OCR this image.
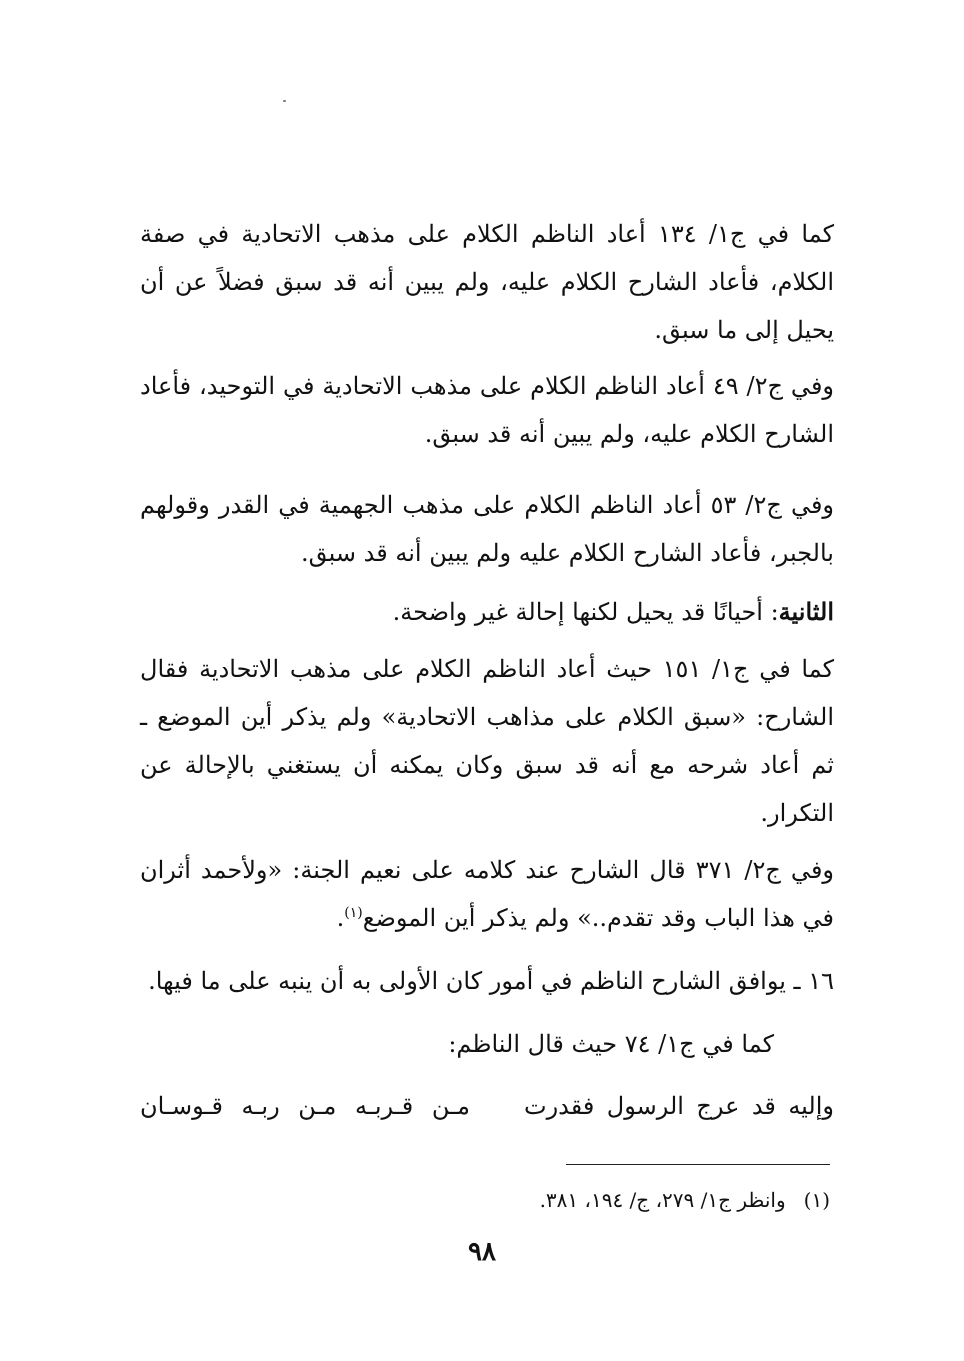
كما في ج١/ ١٣٤ أعاد الناظم الكلام على مذهب الاتحادية في صفة الكلام، فأعاد الشارح الكلام عليه، ولم يبين أنه قد سبق فضلاً عن أن يحيل إلى ما سبق.

وفي ج٢/ ٤٩ أعاد الناظم الكلام على مذهب الاتحادية في التوحيد، فأعاد الشارح الكلام عليه، ولم يبين أنه قد سبق.

وفي ج٢/ ٥٣ أعاد الناظم الكلام على مذهب الجهمية في القدر وقولهم بالجبر، فأعاد الشارح الكلام عليه ولم يبين أنه قد سبق.

الثانية: أحيانًا قد يحيل لكنها إحالة غير واضحة.

كما في ج١/ ١٥١ حيث أعاد الناظم الكلام على مذهب الاتحادية فقال الشارح: «سبق الكلام على مذاهب الاتحادية» ولم يذكر أين الموضع ـ ثم أعاد شرحه مع أنه قد سبق وكان يمكنه أن يستغني بالإحالة عن التكرار.

وفي ج٢/ ٣٧١ قال الشارح عند كلامه على نعيم الجنة: «ولأحمد أثران في هذا الباب وقد تقدم..» ولم يذكر أين الموضع$^{(١)}$.

١٦ ـ يوافق الشارح الناظم في أمور كان الأولى به أن ينبه على ما فيها.

كما في ج١/ ٧٤ حيث قال الناظم:

وإليه قد عرج الرسول فقدرت
مـن قـربـه مـن ربـه قـوسـان
(١)وانظر ج١/ ٢٧٩، ج/ ١٩٤، ٣٨١.
٩٨
